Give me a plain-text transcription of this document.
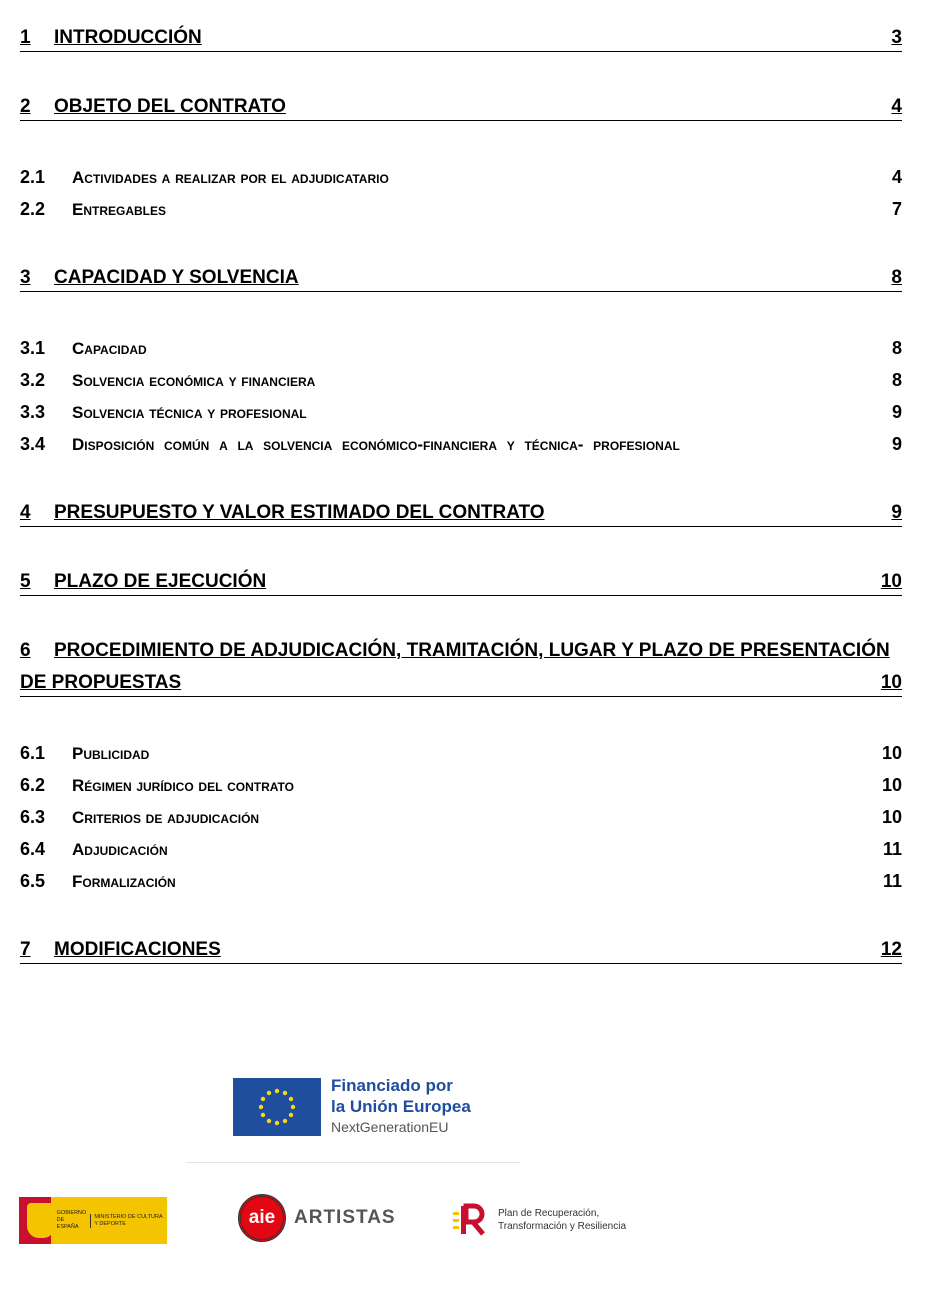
1 INTRODUCCIÓN	3
2 OBJETO DEL CONTRATO	4
2.1 Actividades a realizar por el adjudicatario	4
2.2 Entregables	7
3 CAPACIDAD Y SOLVENCIA	8
3.1 Capacidad	8
3.2 Solvencia económica y financiera	8
3.3 Solvencia técnica y profesional	9
3.4 Disposición común a la solvencia económico-financiera y técnica- profesional	9
4 PRESUPUESTO Y VALOR ESTIMADO DEL CONTRATO	9
5 PLAZO DE EJECUCIÓN	10
6 PROCEDIMIENTO DE ADJUDICACIÓN, TRAMITACIÓN, LUGAR Y PLAZO DE PRESENTACIÓN
DE PROPUESTAS	10
6.1 Publicidad	10
6.2 Régimen jurídico del contrato	10
6.3 Criterios de adjudicación	10
6.4 Adjudicación	11
6.5 Formalización	11
7 MODIFICACIONES	12
Financiado por
la Unión Europea
NextGenerationEU
GOBIERNO DE ESPAÑA
MINISTERIO DE CULTURA Y DEPORTE	aie ARTISTAS	Plan de Recuperación,
Transformación y Resiliencia
